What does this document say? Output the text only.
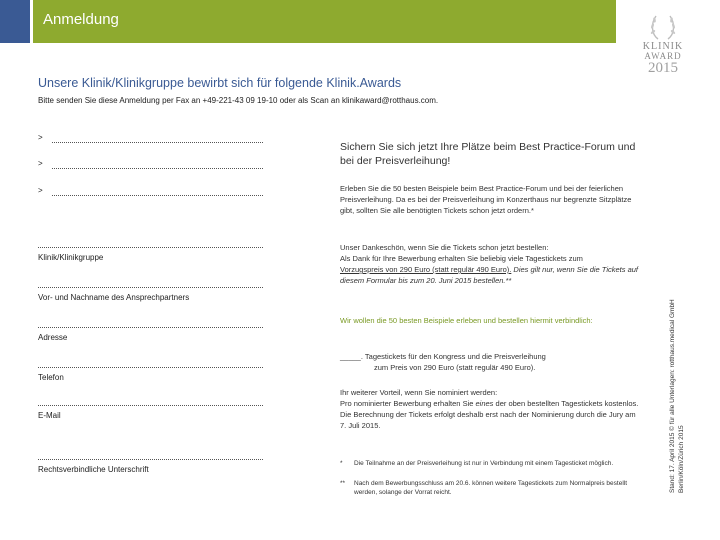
Anmeldung
KLINIK
AWARD
2015
Unsere Klinik/Klinikgruppe bewirbt sich für folgende Klinik.Awards
Bitte senden Sie diese Anmeldung per Fax an +49-221-43 09 19-10 oder als Scan an klinikaward@rotthaus.com.
>
>
>
Klinik/Klinikgruppe
Vor- und Nachname des Ansprechpartners
Adresse
Telefon
E-Mail
Rechtsverbindliche Unterschrift
Sichern Sie sich jetzt Ihre Plätze beim Best Practice-Forum und bei der Preisverleihung!
Erleben Sie die 50 besten Beispiele beim Best Practice-Forum und bei der feierlichen Preisverleihung. Da es bei der Preisverleihung im Konzerthaus nur begrenzte Sitzplätze gibt, sollten Sie alle benötigten Tickets schon jetzt ordern.*
Unser Dankeschön, wenn Sie die Tickets schon jetzt bestellen:
Als Dank für Ihre Bewerbung erhalten Sie beliebig viele Tagestickets zum
Vorzugspreis von 290 Euro (statt regulär 490 Euro). Dies gilt nur, wenn Sie die Tickets auf diesem Formular bis zum 20. Juni 2015 bestellen.**
Wir wollen die 50 besten Beispiele erleben und bestellen hiermit verbindlich:
_____. Tagestickets für den Kongress und die Preisverleihung
zum Preis von 290 Euro (statt regulär 490 Euro).
Ihr weiterer Vorteil, wenn Sie nominiert werden:
Pro nominierter Bewerbung erhalten Sie eines der oben bestellten Tagestickets kostenlos. Die Berechnung der Tickets erfolgt deshalb erst nach der Nominierung durch die Jury am 7. Juli 2015.
* Die Teilnahme an der Preisverleihung ist nur in Verbindung mit einem Tagesticket möglich.
** Nach dem Bewerbungsschluss am 20.6. können weitere Tagestickets zum Normalpreis bestellt werden, solange der Vorrat reicht.	Stand: 17. April 2015 © für alle Unterlagen: rotthaus.medical GmbH Berlin/Köln/Zürich 2015
